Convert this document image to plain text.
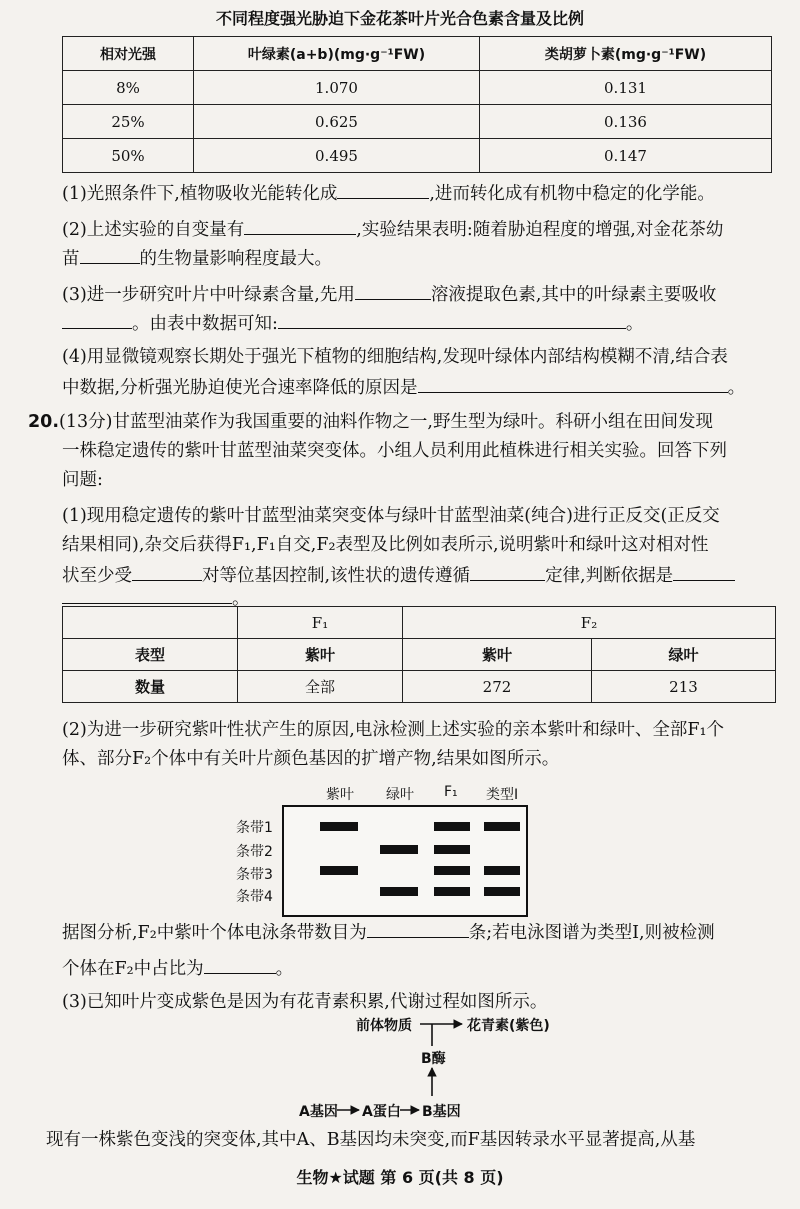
不同程度强光胁迫下金花茶叶片光合色素含量及比例
相对光强	叶绿素(a+b)(mg·g⁻¹FW)	类胡萝卜素(mg·g⁻¹FW)
8%	1.070	0.131
25%	0.625	0.136
50%	0.495	0.147
(1)光照条件下,植物吸收光能转化成	,进而转化成有机物中稳定的化学能。
(2)上述实验的自变量有	,实验结果表明:随着胁迫程度的增强,对金花茶幼
苗	的生物量影响程度最大。
(3)进一步研究叶片中叶绿素含量,先用	溶液提取色素,其中的叶绿素主要吸收
。由表中数据可知:	。
(4)用显微镜观察长期处于强光下植物的细胞结构,发现叶绿体内部结构模糊不清,结合表
中数据,分析强光胁迫使光合速率降低的原因是	。
20.(13分)甘蓝型油菜作为我国重要的油料作物之一,野生型为绿叶。科研小组在田间发现
一株稳定遗传的紫叶甘蓝型油菜突变体。小组人员利用此植株进行相关实验。回答下列
问题:
(1)现用稳定遗传的紫叶甘蓝型油菜突变体与绿叶甘蓝型油菜(纯合)进行正反交(正反交
结果相同),杂交后获得F₁,F₁自交,F₂表型及比例如表所示,说明紫叶和绿叶这对相对性
状至少受	对等位基因控制,该性状的遗传遵循	定律,判断依据是
。
	F₁	F₂	
表型	紫叶	紫叶	绿叶
数量	全部	272	213
(2)为进一步研究紫叶性状产生的原因,电泳检测上述实验的亲本紫叶和绿叶、全部F₁个
体、部分F₂个体中有关叶片颜色基因的扩增产物,结果如图所示。
紫叶 绿叶 F₁ 类型Ⅰ
条带1
条带2
条带3
条带4
据图分析,F₂中紫叶个体电泳条带数目为	条;若电泳图谱为类型Ⅰ,则被检测
个体在F₂中占比为	。
(3)已知叶片变成紫色是因为有花青素积累,代谢过程如图所示。
前体物质	花青素(紫色)
B酶
A基因 A蛋白 B基因
现有一株紫色变浅的突变体,其中A、B基因均未突变,而F基因转录水平显著提高,从基
生物★试题 第 6 页(共 8 页)
